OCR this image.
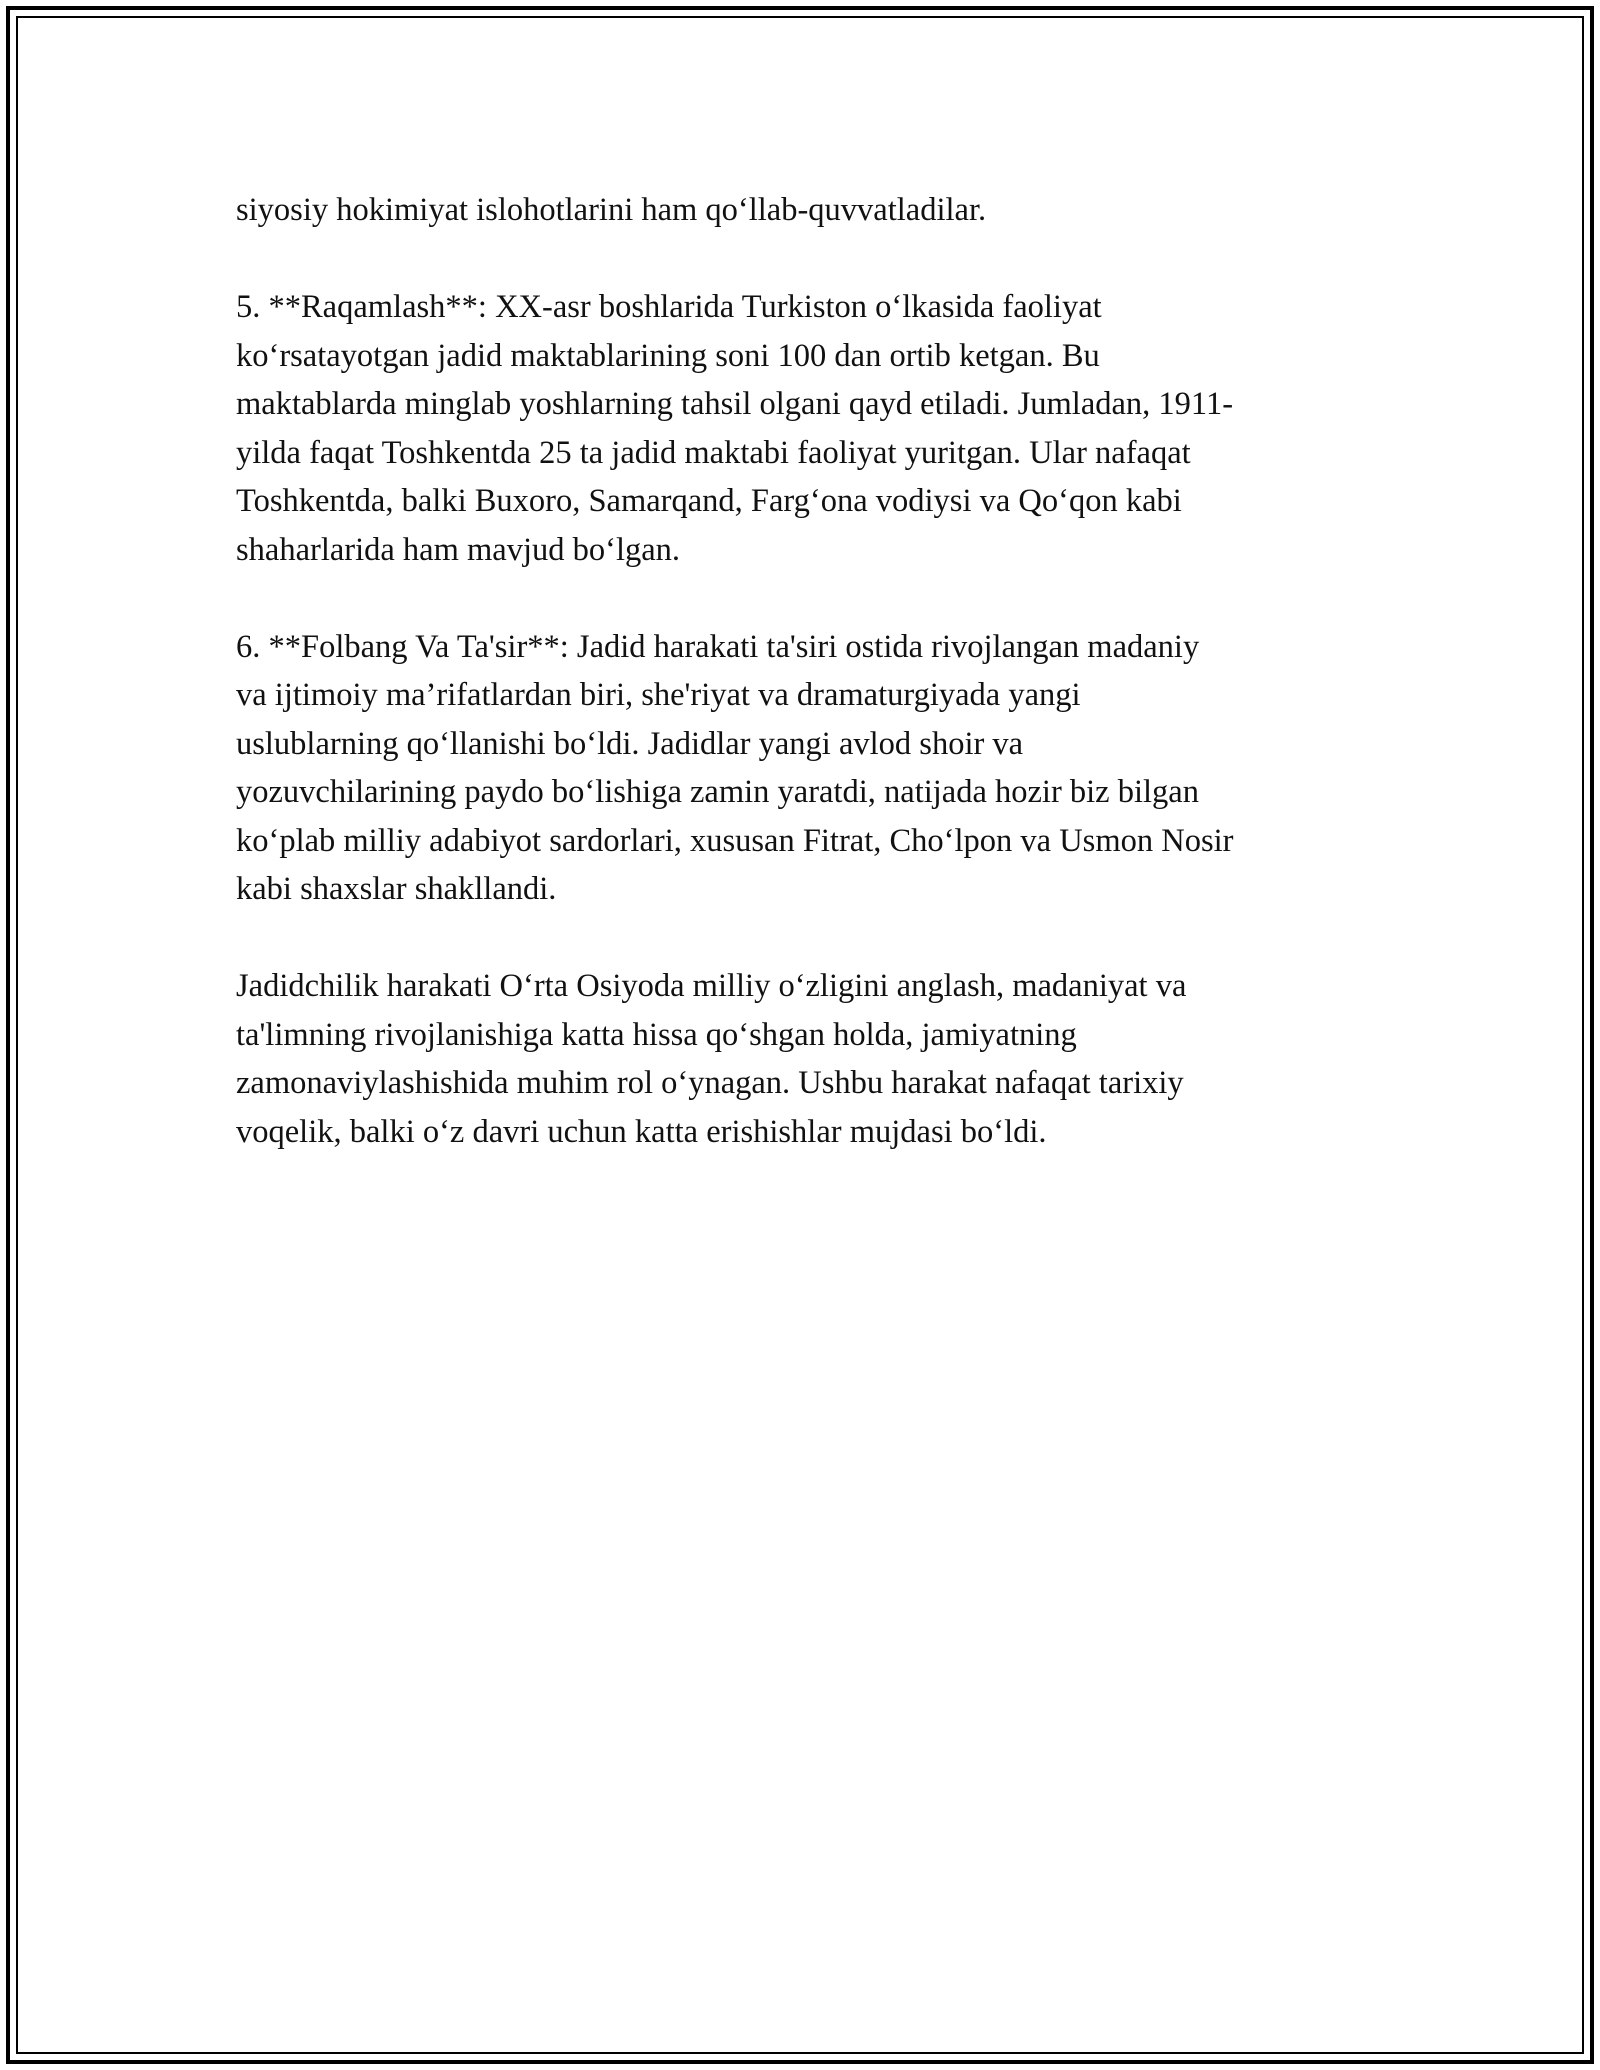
siyosiy hokimiyat islohotlarini ham qo‘llab-quvvatladilar.

5. **Raqamlash**: XX-asr boshlarida Turkiston o‘lkasida faoliyat
ko‘rsatayotgan jadid maktablarining soni 100 dan ortib ketgan. Bu
maktablarda minglab yoshlarning tahsil olgani qayd etiladi. Jumladan, 1911-
yilda faqat Toshkentda 25 ta jadid maktabi faoliyat yuritgan. Ular nafaqat
Toshkentda, balki Buxoro, Samarqand, Farg‘ona vodiysi va Qo‘qon kabi
shaharlarida ham mavjud bo‘lgan.

6. **Folbang Va Ta'sir**: Jadid harakati ta'siri ostida rivojlangan madaniy
va ijtimoiy ma’rifatlardan biri, she'riyat va dramaturgiyada yangi
uslublarning qo‘llanishi bo‘ldi. Jadidlar yangi avlod shoir va
yozuvchilarining paydo bo‘lishiga zamin yaratdi, natijada hozir biz bilgan
ko‘plab milliy adabiyot sardorlari, xususan Fitrat, Cho‘lpon va Usmon Nosir
kabi shaxslar shakllandi.

Jadidchilik harakati O‘rta Osiyoda milliy o‘zligini anglash, madaniyat va
ta'limning rivojlanishiga katta hissa qo‘shgan holda, jamiyatning
zamonaviylashishida muhim rol o‘ynagan. Ushbu harakat nafaqat tarixiy
voqelik, balki o‘z davri uchun katta erishishlar mujdasi bo‘ldi.
